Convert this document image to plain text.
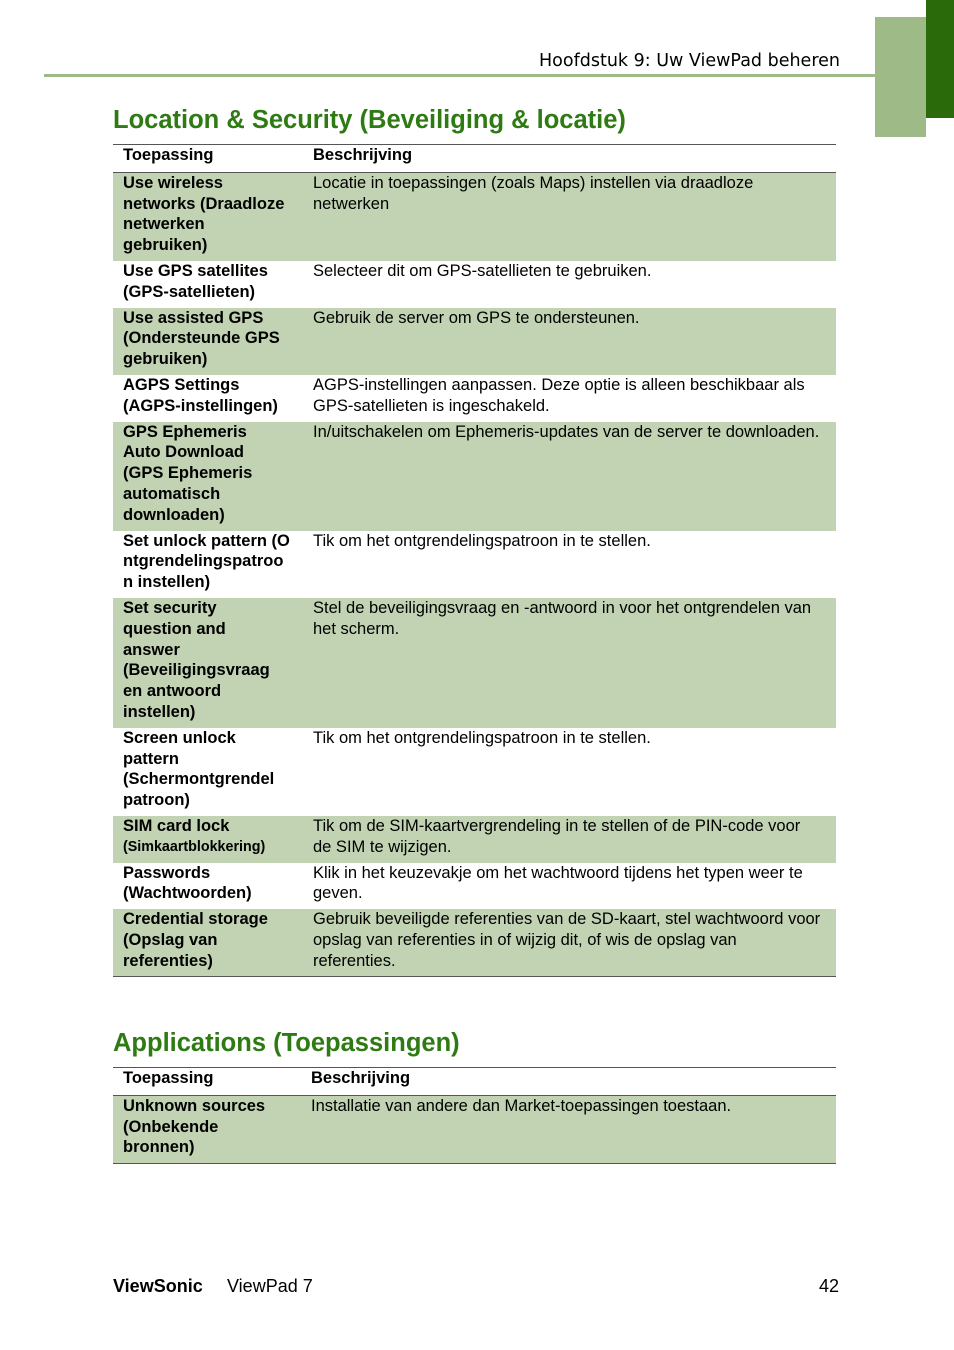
Hoofdstuk 9: Uw ViewPad beheren
Location & Security (Beveiliging & locatie)
Toepassing	Beschrijving

Use wireless networks (Draadloze netwerken gebruiken)	Locatie in toepassingen (zoals Maps) instellen via draadloze netwerken

Use GPS satellites (GPS-satellieten)	Selecteer dit om GPS-satellieten te gebruiken.

Use assisted GPS (Ondersteunde GPS gebruiken)	Gebruik de server om GPS te ondersteunen.

AGPS Settings (AGPS-instellingen)	AGPS-instellingen aanpassen. Deze optie is alleen beschikbaar als GPS-satellieten is ingeschakeld.

GPS Ephemeris Auto Download (GPS Ephemeris automatisch downloaden)	In/uitschakelen om Ephemeris-updates van de server te downloaden.

Set unlock pattern (Ontgrendelingspatroon instellen)	Tik om het ontgrendelingspatroon in te stellen.

Set security question and answer (Beveiligingsvraag en antwoord instellen)	Stel de beveiligingsvraag en -antwoord in voor het ontgrendelen van het scherm.

Screen unlock pattern (Schermontgrendel patroon)	Tik om het ontgrendelingspatroon in te stellen.

SIM card lock
(Simkaartblokkering)	Tik om de SIM-kaartvergrendeling in te stellen of de PIN-code voor de SIM te wijzigen.

Passwords (Wachtwoorden)	Klik in het keuzevakje om het wachtwoord tijdens het typen weer te geven.

Credential storage (Opslag van referenties)	Gebruik beveiligde referenties van de SD-kaart, stel wachtwoord voor opslag van referenties in of wijzig dit, of wis de opslag van referenties.
Applications (Toepassingen)
Toepassing	Beschrijving

Unknown sources (Onbekende bronnen)	Installatie van andere dan Market-toepassingen toestaan.
ViewSonic ViewPad 7	42
